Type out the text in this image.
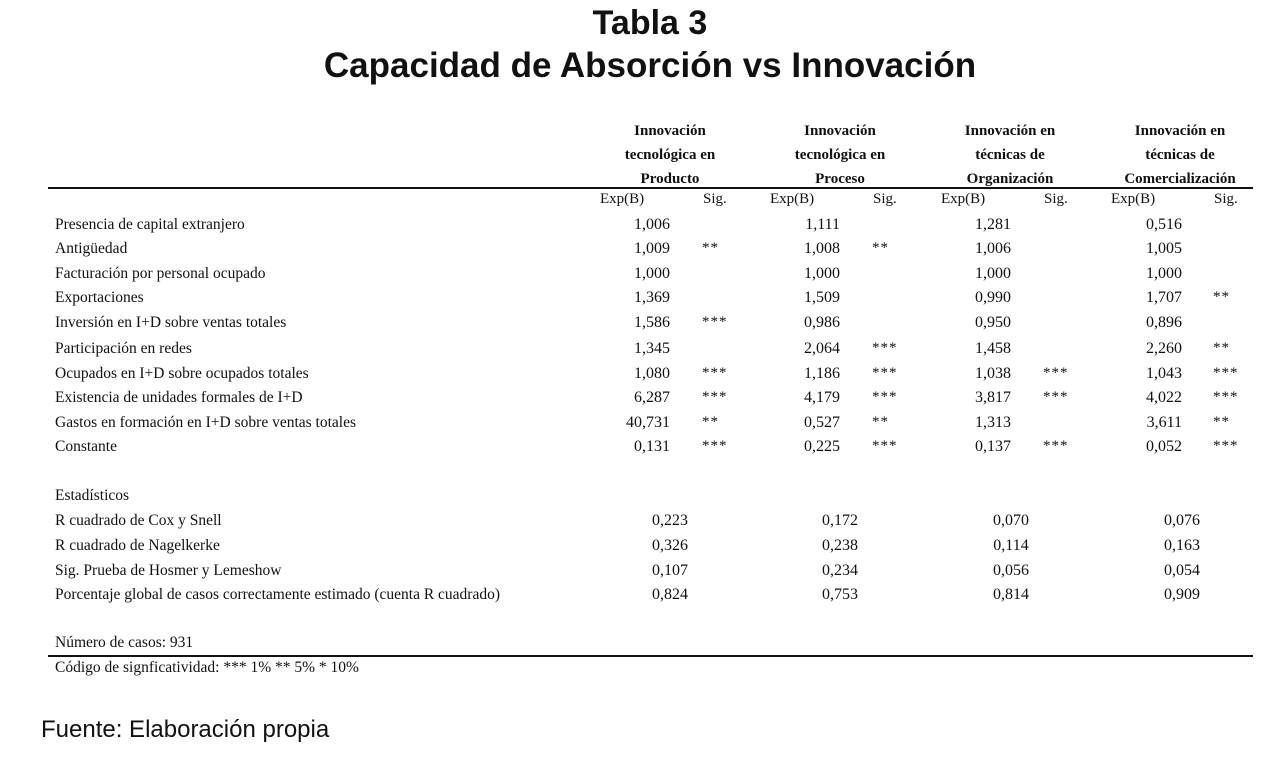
Tabla 3
Capacidad de Absorción vs Innovación
Innovación
tecnológica en
Producto
Innovación
tecnológica en
Proceso
Innovación en
técnicas de
Organización
Innovación en
técnicas de
Comercialización
Exp(B)	Sig.	Exp(B)	Sig.	Exp(B)	Sig.	Exp(B)	Sig.
Presencia de capital extranjero	1,006	1,111	1,281	0,516
Antigüedad	1,009 **	1,008 **	1,006	1,005
Facturación por personal ocupado	1,000	1,000	1,000	1,000
Exportaciones	1,369	1,509	0,990	1,707 **
Inversión en I+D sobre ventas totales	1,586 ***	0,986	0,950	0,896
Participación en redes	1,345	2,064 ***	1,458	2,260 **
Ocupados en I+D sobre ocupados totales	1,080 ***	1,186 ***	1,038 ***	1,043 ***
Existencia de unidades formales de I+D	6,287 ***	4,179 ***	3,817 ***	4,022 ***
Gastos en formación en I+D sobre ventas totales	40,731 **	0,527 **	1,313	3,611 **
Constante	0,131 ***	0,225 ***	0,137 ***	0,052 ***
Estadísticos
R cuadrado de Cox y Snell	0,223	0,172	0,070	0,076
R cuadrado de Nagelkerke	0,326	0,238	0,114	0,163
Sig. Prueba de Hosmer y Lemeshow	0,107	0,234	0,056	0,054
Porcentaje global de casos correctamente estimado (cuenta R cuadrado)	0,824	0,753	0,814	0,909
Número de casos: 931
Código de signficatividad: *** 1% ** 5% * 10%
Fuente: Elaboración propia
